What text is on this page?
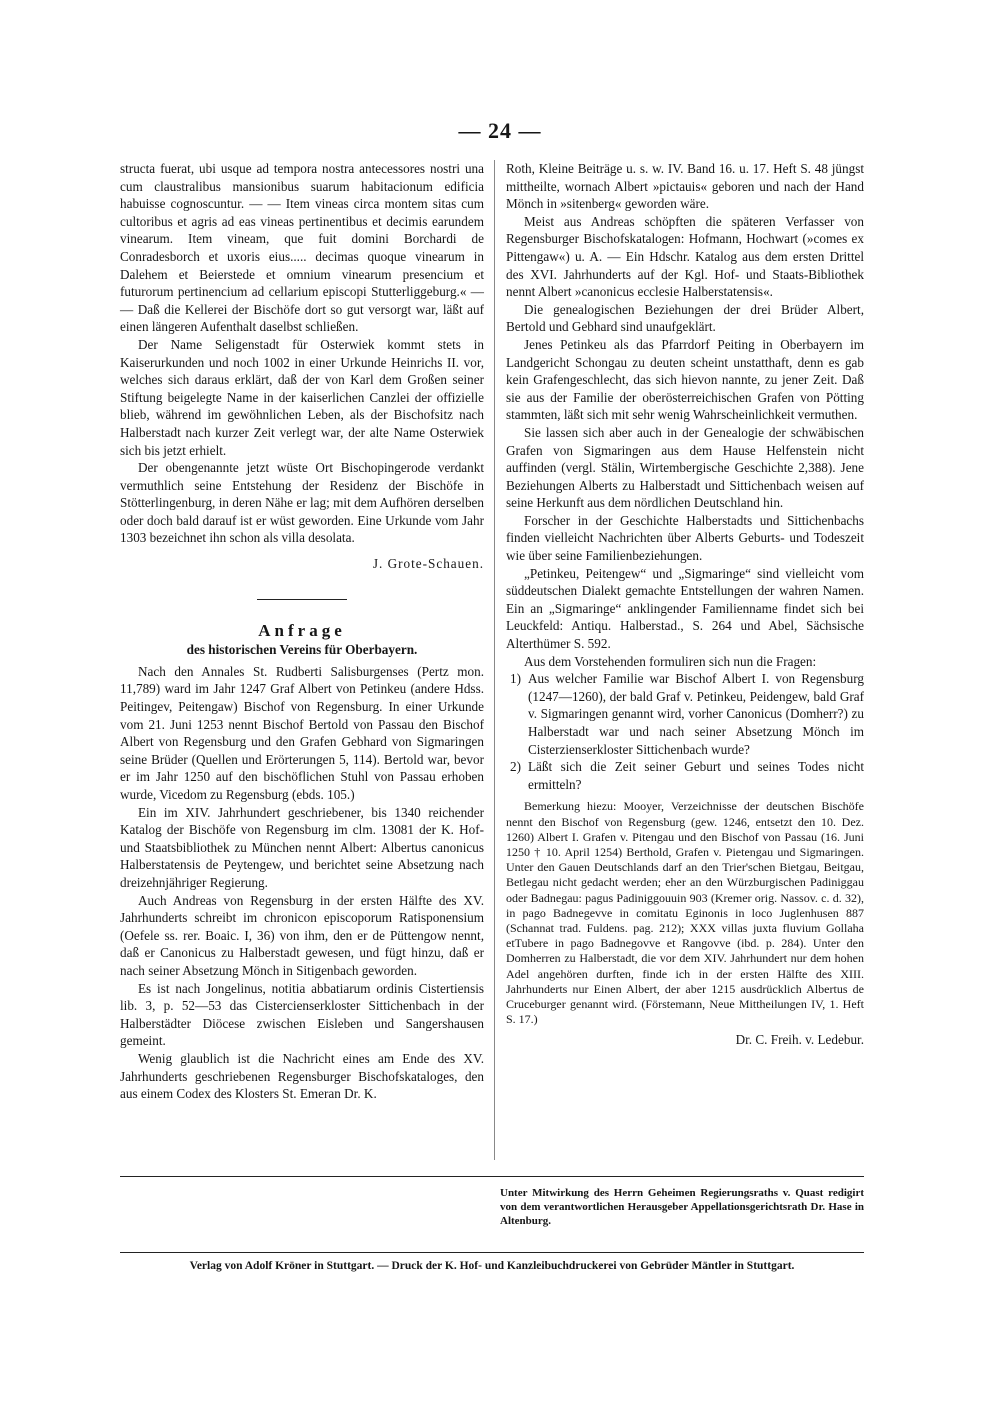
— 24 —

structa fuerat, ubi usque ad tempora nostra antecessores nostri una cum claustralibus mansionibus suarum habitacionum edificia habuisse cognoscuntur. — — Item vineas circa montem sitas cum cultoribus et agris ad eas vineas pertinentibus et decimis earundem vinearum. Item vineam, que fuit domini Borchardi de Conradesborch et uxoris eius..... decimas quoque vinearum in Dalehem et Beierstede et omnium vinearum presencium et futurorum pertinencium ad cellarium episcopi Stutterliggeburg.« — — Daß die Kellerei der Bischöfe dort so gut versorgt war, läßt auf einen längeren Aufenthalt daselbst schließen.

Der Name Seligenstadt für Osterwiek kommt stets in Kaiserurkunden und noch 1002 in einer Urkunde Heinrichs II. vor, welches sich daraus erklärt, daß der von Karl dem Großen seiner Stiftung beigelegte Name in der kaiserlichen Canzlei der offizielle blieb, während im gewöhnlichen Leben, als der Bischofsitz nach Halberstadt nach kurzer Zeit verlegt war, der alte Name Osterwiek sich bis jetzt erhielt.

Der obengenannte jetzt wüste Ort Bischopingerode verdankt vermuthlich seine Entstehung der Residenz der Bischöfe in Stötterlingenburg, in deren Nähe er lag; mit dem Aufhören derselben oder doch bald darauf ist er wüst geworden. Eine Urkunde vom Jahr 1303 bezeichnet ihn schon als villa desolata.

J. Grote-Schauen.
Anfrage
des historischen Vereins für Oberbayern.

Nach den Annales St. Rudberti Salisburgenses (Pertz mon. 11,789) ward im Jahr 1247 Graf Albert von Petinkeu (andere Hdss. Peitingev, Peitengaw) Bischof von Regensburg. In einer Urkunde vom 21. Juni 1253 nennt Bischof Bertold von Passau den Bischof Albert von Regensburg und den Grafen Gebhard von Sigmaringen seine Brüder (Quellen und Erörterungen 5, 114). Bertold war, bevor er im Jahr 1250 auf den bischöflichen Stuhl von Passau erhoben wurde, Vicedom zu Regensburg (ebds. 105.)

Ein im XIV. Jahrhundert geschriebener, bis 1340 reichender Katalog der Bischöfe von Regensburg im clm. 13081 der K. Hof- und Staatsbibliothek zu München nennt Albert: Albertus canonicus Halberstatensis de Peytengew, und berichtet seine Absetzung nach dreizehnjähriger Regierung.

Auch Andreas von Regensburg in der ersten Hälfte des XV. Jahrhunderts schreibt im chronicon episcoporum Ratisponensium (Oefele ss. rer. Boaic. I, 36) von ihm, den er de Püttengow nennt, daß er Canonicus zu Halberstadt gewesen, und fügt hinzu, daß er nach seiner Absetzung Mönch in Sitigenbach geworden.

Es ist nach Jongelinus, notitia abbatiarum ordinis Cistertiensis lib. 3, p. 52—53 das Cistercienserkloster Sittichenbach in der Halberstädter Diöcese zwischen Eisleben und Sangershausen gemeint.

Wenig glaublich ist die Nachricht eines am Ende des XV. Jahrhunderts geschriebenen Regensburger Bischofskataloges, den aus einem Codex des Klosters St. Emeran Dr. K.

Roth, Kleine Beiträge u. s. w. IV. Band 16. u. 17. Heft S. 48 jüngst mittheilte, wornach Albert »pictauis« geboren und nach der Hand Mönch in »sitenberg« geworden wäre.

Meist aus Andreas schöpften die späteren Verfasser von Regensburger Bischofskatalogen: Hofmann, Hochwart (»comes ex Pittengaw«) u. A. — Ein Hdschr. Katalog aus dem ersten Drittel des XVI. Jahrhunderts auf der Kgl. Hof- und Staats-Bibliothek nennt Albert »canonicus ecclesie Halberstatensis«.

Die genealogischen Beziehungen der drei Brüder Albert, Bertold und Gebhard sind unaufgeklärt.

Jenes Petinkeu als das Pfarrdorf Peiting in Oberbayern im Landgericht Schongau zu deuten scheint unstatthaft, denn es gab kein Grafengeschlecht, das sich hievon nannte, zu jener Zeit. Daß sie aus der Familie der oberösterreichischen Grafen von Pötting stammten, läßt sich mit sehr wenig Wahrscheinlichkeit vermuthen.

Sie lassen sich aber auch in der Genealogie der schwäbischen Grafen von Sigmaringen aus dem Hause Helfenstein nicht auffinden (vergl. Stälin, Wirtembergische Geschichte 2,388). Jene Beziehungen Alberts zu Halberstadt und Sittichenbach weisen auf seine Herkunft aus dem nördlichen Deutschland hin.

Forscher in der Geschichte Halberstadts und Sittichenbachs finden vielleicht Nachrichten über Alberts Geburts- und Todeszeit wie über seine Familienbeziehungen.

„Petinkeu, Peitengew“ und „Sigmaringe“ sind vielleicht vom süddeutschen Dialekt gemachte Entstellungen der wahren Namen. Ein an „Sigmaringe“ anklingender Familienname findet sich bei Leuckfeld: Antiqu. Halberstad., S. 264 und Abel, Sächsische Alterthümer S. 592.

Aus dem Vorstehenden formuliren sich nun die Fragen:

1) Aus welcher Familie war Bischof Albert I. von Regensburg (1247—1260), der bald Graf v. Petinkeu, Peidengew, bald Graf v. Sigmaringen genannt wird, vorher Canonicus (Domherr?) zu Halberstadt war und nach seiner Absetzung Mönch im Cisterzienserkloster Sittichenbach wurde?
2) Läßt sich die Zeit seiner Geburt und seines Todes nicht ermitteln?

Bemerkung hiezu: Mooyer, Verzeichnisse der deutschen Bischöfe nennt den Bischof von Regensburg (gew. 1246, entsetzt den 10. Dez. 1260) Albert I. Grafen v. Pitengau und den Bischof von Passau (16. Juni 1250 † 10. April 1254) Berthold, Grafen v. Pietengau und Sigmaringen. Unter den Gauen Deutschlands darf an den Trier'schen Bietgau, Beitgau, Betlegau nicht gedacht werden; eher an den Würzburgischen Padiniggau oder Badnegau: pagus Padiniggouuin 903 (Kremer orig. Nassov. c. d. 32), in pago Badnegevve in comitatu Eginonis in loco Juglenhusen 887 (Schannat trad. Fuldens. pag. 212); XXX villas juxta fluvium Gollaha etTubere in pago Badnegovve et Rangovve (ibd. p. 284). Unter den Domherren zu Halberstadt, die vor dem XIV. Jahrhundert nur dem hohen Adel angehören durften, finde ich in der ersten Hälfte des XIII. Jahrhunderts nur Einen Albert, der aber 1215 ausdrücklich Albertus de Cruceburger genannt wird. (Förstemann, Neue Mittheilungen IV, 1. Heft S. 17.)

Dr. C. Freih. v. Ledebur.
Unter Mitwirkung des Herrn Geheimen Regierungsraths v. Quast redigirt von dem verantwortlichen Herausgeber Appellationsgerichtsrath Dr. Hase in Altenburg.
Verlag von Adolf Kröner in Stuttgart. — Druck der K. Hof- und Kanzleibuchdruckerei von Gebrüder Mäntler in Stuttgart.
